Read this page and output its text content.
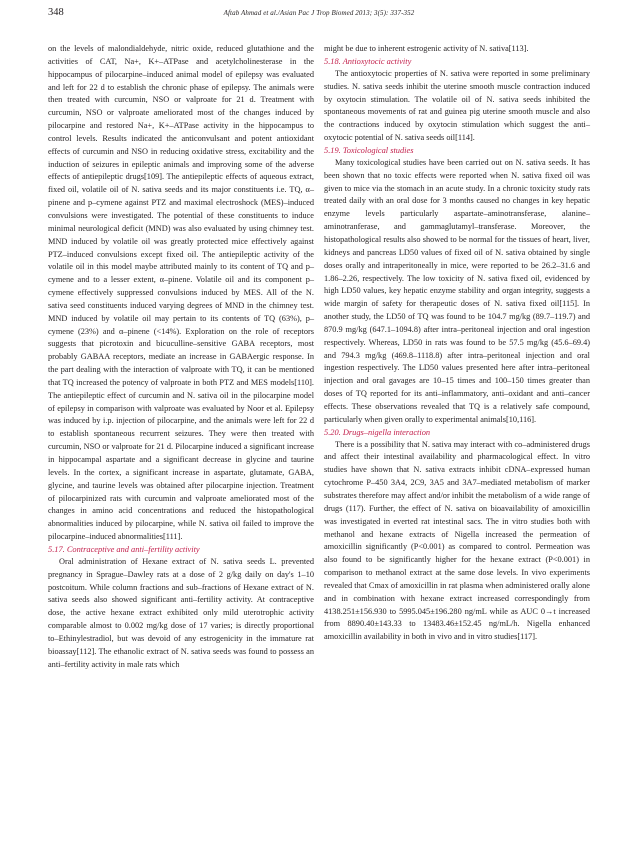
348	Aftab Ahmad et al./Asian Pac J Trop Biomed 2013; 3(5): 337-352

on the levels of malondialdehyde, nitric oxide, reduced glutathione and the activities of CAT, Na+, K+–ATPase and acetylcholinesterase in the hippocampus of pilocarpine–induced animal model of epilepsy was evaluated and left for 22 d to establish the chronic phase of epilepsy. The animals were then treated with curcumin, NSO or valproate for 21 d. Treatment with curcumin, NSO or valproate ameliorated most of the changes induced by pilocarpine and restored Na+, K+–ATPase activity in the hippocampus to control levels. Results indicated the anticonvulsant and potent antioxidant effects of curcumin and NSO in reducing oxidative stress, excitability and the induction of seizures in epileptic animals and improving some of the adverse effects of antiepileptic drugs[109]. The antiepileptic effects of aqueous extract, fixed oil, volatile oil of N. sativa seeds and its major constituents i.e. TQ, α–pinene and p–cymene against PTZ and maximal electroshock (MES)–induced convulsions were investigated. The potential of these constituents to induce minimal neurological deficit (MND) was also evaluated by using chimney test. MND induced by volatile oil was greatly protected mice effectively against PTZ–induced convulsions except fixed oil. The antiepileptic activity of the volatile oil in this model maybe attributed mainly to its content of TQ and p–cymene and to a lesser extent, α–pinene. Volatile oil and its component p–cymene effectively suppressed convulsions induced by MES. All of the N. sativa seed constituents induced varying degrees of MND in the chimney test. MND induced by volatile oil may pertain to its contents of TQ (63%), p–cymene (23%) and α–pinene (<14%). Exploration on the role of receptors suggests that picrotoxin and bicuculline–sensitive GABA receptors, most probably GABAA receptors, mediate an increase in GABAergic response. In the part dealing with the interaction of valproate with TQ, it can be mentioned that TQ increased the potency of valproate in both PTZ and MES models[110]. The antiepileptic effect of curcumin and N. sativa oil in the pilocarpine model of epilepsy in comparison with valproate was evaluated by Noor et al. Epilepsy was induced by i.p. injection of pilocarpine, and the animals were left for 22 d to establish spontaneous recurrent seizures. They were then treated with curcumin, NSO or valproate for 21 d. Pilocarpine induced a significant increase in hippocampal aspartate and a significant decrease in glycine and taurine levels. In the cortex, a significant increase in aspartate, glutamate, GABA, glycine, and taurine levels was obtained after pilocarpine injection. Treatment of pilocarpinized rats with curcumin and valproate ameliorated most of the changes in amino acid concentrations and reduced the histopathological abnormalities induced by pilocarpine, while N. sativa oil failed to improve the pilocarpine–induced abnormalities[111].

5.17. Contraceptive and anti–fertility activity

Oral administration of Hexane extract of N. sativa seeds L. prevented pregnancy in Sprague–Dawley rats at a dose of 2 g/kg daily on day's 1–10 postcoitum. While column fractions and sub–fractions of Hexane extract of N. sativa seeds also showed significant anti–fertility activity. At contraceptive dose, the active hexane extract exhibited only mild uterotrophic activity comparable almost to 0.002 mg/kg dose of 17 varies; is directly proportional to–Ethinylestradiol, but was devoid of any estrogenicity in the immature rat bioassay[112]. The ethanolic extract of N. sativa seeds was found to possess an anti–fertility activity in male rats which

might be due to inherent estrogenic activity of N. sativa[113].

5.18. Antioxytocic activity

The antioxytocic properties of N. sativa were reported in some preliminary studies. N. sativa seeds inhibit the uterine smooth muscle contraction induced by oxytocin stimulation. The volatile oil of N. sativa seeds inhibited the spontaneous movements of rat and guinea pig uterine smooth muscle and also the contractions induced by oxytocin stimulation which suggest the anti–oxytocic potential of N. sativa seeds oil[114].

5.19. Toxicological studies

Many toxicological studies have been carried out on N. sativa seeds. It has been shown that no toxic effects were reported when N. sativa fixed oil was given to mice via the stomach in an acute study. In a chronic toxicity study rats treated daily with an oral dose for 3 months caused no changes in key hepatic enzyme levels particularly aspartate–aminotransferase, alanine–aminotranferase, and gammaglutamyl–transferase. Moreover, the histopathological results also showed to be normal for the tissues of heart, liver, kidneys and pancreas LD50 values of fixed oil of N. sativa obtained by single doses orally and intraperitoneally in mice, were reported to be 26.2–31.6 and 1.86–2.26, respectively. The low toxicity of N. sativa fixed oil, evidenced by high LD50 values, key hepatic enzyme stability and organ integrity, suggests a wide margin of safety for therapeutic doses of N. sativa fixed oil[115]. In another study, the LD50 of TQ was found to be 104.7 mg/kg (89.7–119.7) and 870.9 mg/kg (647.1–1094.8) after intra–peritoneal injection and oral ingestion respectively. Whereas, LD50 in rats was found to be 57.5 mg/kg (45.6–69.4) and 794.3 mg/kg (469.8–1118.8) after intra–peritoneal injection and oral ingestion respectively. The LD50 values presented here after intra–peritoneal injection and oral gavages are 10–15 times and 100–150 times greater than doses of TQ reported for its anti–inflammatory, anti–oxidant and anti–cancer effects. These observations revealed that TQ is a relatively safe compound, particularly when given orally to experimental animals[10,116].

5.20. Drugs–nigella interaction

There is a possibility that N. sativa may interact with co–administered drugs and affect their intestinal availability and pharmacological effect. In vitro studies have shown that N. sativa extracts inhibit cDNA–expressed human cytochrome P–450 3A4, 2C9, 3A5 and 3A7–mediated metabolism of marker substrates therefore may affect and/or inhibit the metabolism of a wide range of drugs (117). Further, the effect of N. sativa on bioavailability of amoxicillin was investigated in everted rat intestinal sacs. The in vitro studies both with methanol and hexane extracts of Nigella increased the permeation of amoxicillin significantly (P<0.001) as compared to control. Permeation was also found to be significantly higher for the hexane extract (P<0.001) in comparison to methanol extract at the same dose levels. In vivo experiments revealed that Cmax of amoxicillin in rat plasma when administered orally alone and in combination with hexane extract increased correspondingly from 4138.251±156.930 to 5995.045±196.280 ng/mL while as AUC 0→t increased from 8890.40±143.33 to 13483.46±152.45 ng/mL/h. Nigella enhanced amoxicillin availability in both in vivo and in vitro studies[117].
